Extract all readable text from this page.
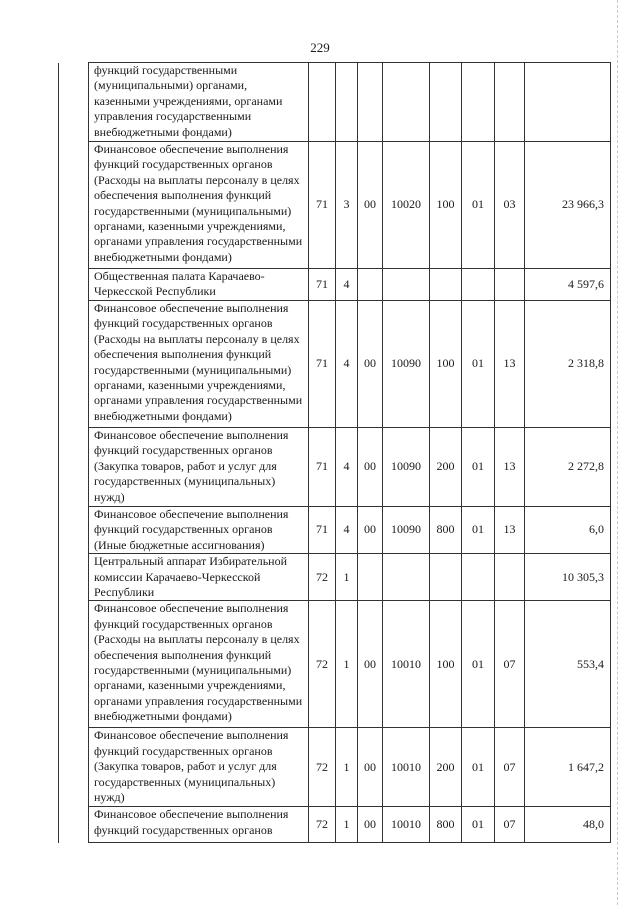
229
	функций государственными (муниципальными) органами, казенными учреждениями, органами управления государственными внебюджетными фондами)								
	Финансовое обеспечение выполнения функций государственных органов (Расходы на выплаты персоналу в целях обеспечения выполнения функций государственными (муниципальными) органами, казенными учреждениями, органами управления государственными внебюджетными фондами)	71	3	00	10020	100	01	03	23 966,3
	Общественная палата Карачаево-Черкесской Республики	71	4						4 597,6
	Финансовое обеспечение выполнения функций государственных органов (Расходы на выплаты персоналу в целях обеспечения выполнения функций государственными (муниципальными) органами, казенными учреждениями, органами управления государственными внебюджетными фондами)	71	4	00	10090	100	01	13	2 318,8
	Финансовое обеспечение выполнения функций государственных органов (Закупка товаров, работ и услуг для государственных (муниципальных) нужд)	71	4	00	10090	200	01	13	2 272,8
	Финансовое обеспечение выполнения функций государственных органов (Иные бюджетные ассигнования)	71	4	00	10090	800	01	13	6,0
	Центральный аппарат Избирательной комиссии Карачаево-Черкесской Республики	72	1						10 305,3
	Финансовое обеспечение выполнения функций государственных органов (Расходы на выплаты персоналу в целях обеспечения выполнения функций государственными (муниципальными) органами, казенными учреждениями, органами управления государственными внебюджетными фондами)	72	1	00	10010	100	01	07	553,4
	Финансовое обеспечение выполнения функций государственных органов (Закупка товаров, работ и услуг для государственных (муниципальных) нужд)	72	1	00	10010	200	01	07	1 647,2
	Финансовое обеспечение выполнения функций государственных органов	72	1	00	10010	800	01	07	48,0
